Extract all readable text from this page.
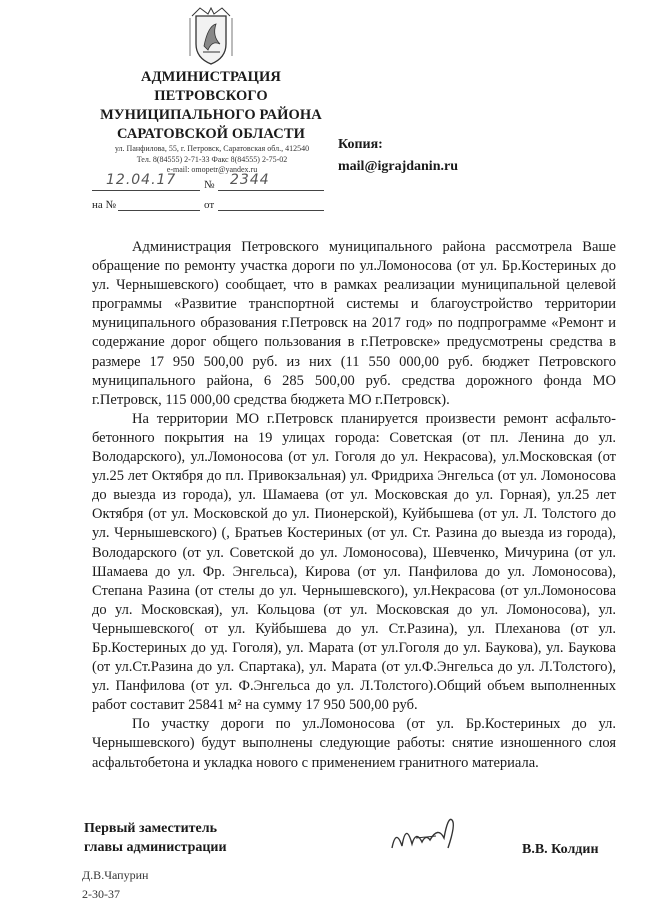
АДМИНИСТРАЦИЯ
ПЕТРОВСКОГО
МУНИЦИПАЛЬНОГО РАЙОНА
САРАТОВСКОЙ ОБЛАСТИ
ул. Панфилова, 55, г. Петровск, Саратовская обл., 412540
Тел. 8(84555) 2-71-33 Факс 8(84555) 2-75-02
e-mail: omopetr@yandex.ru
Копия:
mail@igrajdanin.ru
12.04.17	№ 2344
на №	от

Администрация Петровского муниципального района рассмотрела Ваше обращение по ремонту участка дороги по ул.Ломоносова (от ул. Бр.Костериных до ул. Чернышевского) сообщает, что в рамках реализации муниципальной целевой программы «Развитие транспортной системы и благоустройство территории муниципального образования г.Петровск на 2017 год» по подпрограмме «Ремонт и содержание дорог общего пользования в г.Петровске» предусмотрены средства в размере 17 950 500,00 руб. из них (11 550 000,00 руб. бюджет Петровского муниципального района, 6 285 500,00 руб. средства дорожного фонда МО г.Петровск, 115 000,00 средства бюджета МО г.Петровск).

На территории МО г.Петровск планируется произвести ремонт асфальто-бетонного покрытия на 19 улицах города: Советская (от пл. Ленина до ул. Володарского), ул.Ломоносова (от ул. Гоголя до ул. Некрасова), ул.Московская (от ул.25 лет Октября до пл. Привокзальная) ул. Фридриха Энгельса (от ул. Ломоносова до выезда из города), ул. Шамаева (от ул. Московская до ул. Горная), ул.25 лет Октября (от ул. Московской до ул. Пионерской), Куйбышева (от ул. Л. Толстого до ул. Чернышевского) (, Братьев Костериных (от ул. Ст. Разина до выезда из города), Володарского (от ул. Советской до ул. Ломоносова), Шевченко, Мичурина (от ул. Шамаева до ул. Фр. Энгельса), Кирова (от ул. Панфилова до ул. Ломоносова), Степана Разина (от стелы до ул. Чернышевского), ул.Некрасова (от ул.Ломоносова до ул. Московская), ул. Кольцова (от ул. Московская до ул. Ломоносова), ул. Чернышевского( от ул. Куйбышева до ул. Ст.Разина), ул. Плеханова (от ул. Бр.Костериных до уд. Гоголя), ул. Марата (от ул.Гоголя до ул. Баукова), ул. Баукова (от ул.Ст.Разина до ул. Спартака), ул. Марата (от ул.Ф.Энгельса до ул. Л.Толстого), ул. Панфилова (от ул. Ф.Энгельса до ул. Л.Толстого).Общий объем выполненных работ составит 25841 м² на сумму 17 950 500,00 руб.

По участку дороги по ул.Ломоносова (от ул. Бр.Костериных до ул. Чернышевского) будут выполнены следующие работы: снятие изношенного слоя асфальтобетона и укладка нового с применением гранитного материала.

Первый заместитель
главы администрации	В.В. Колдин
Д.В.Чапурин
2-30-37
